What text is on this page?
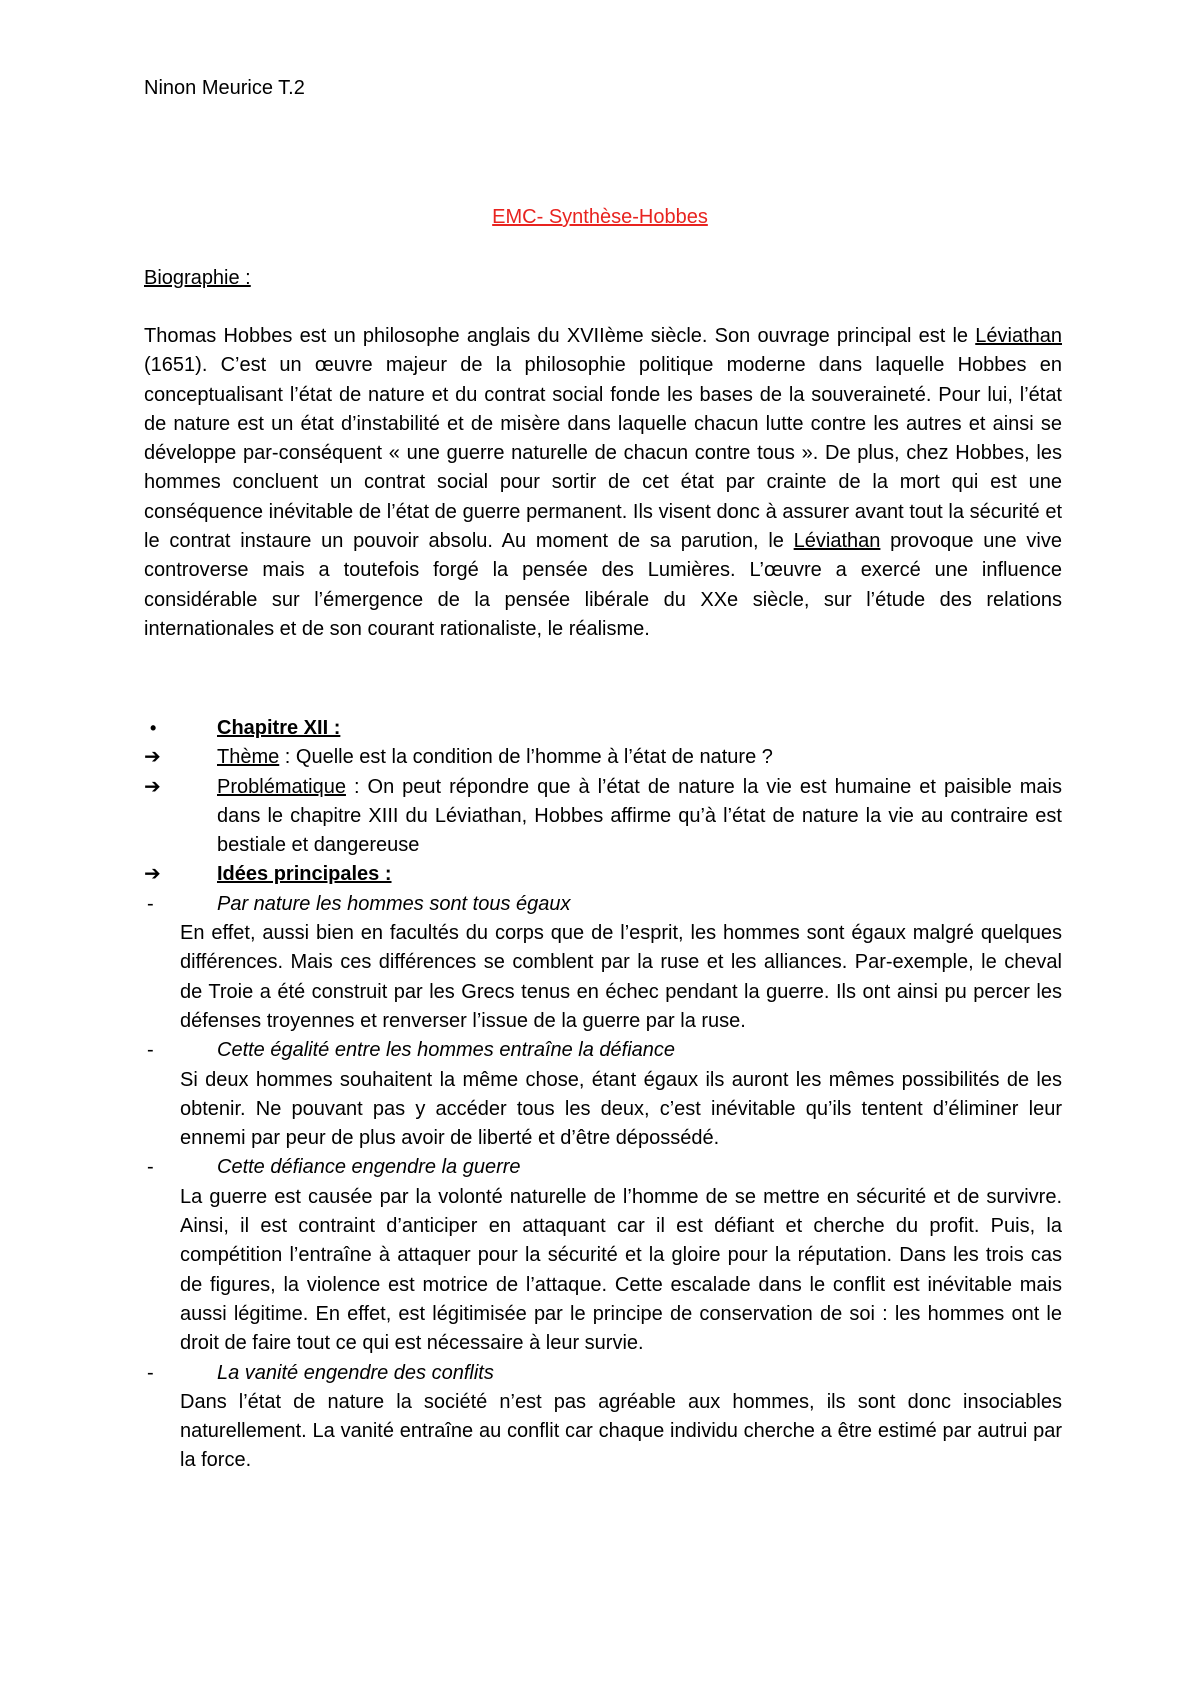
Ninon Meurice T.2
EMC- Synthèse-Hobbes
Biographie :

Thomas Hobbes est un philosophe anglais du XVIIème siècle. Son ouvrage principal est le Léviathan (1651). C’est un œuvre majeur de la philosophie politique moderne dans laquelle Hobbes en conceptualisant l’état de nature et du contrat social fonde les bases de la souveraineté. Pour lui, l’état de nature est un état d’instabilité et de misère dans laquelle chacun lutte contre les autres et ainsi se développe par-conséquent « une guerre naturelle de chacun contre tous ». De plus, chez Hobbes, les hommes concluent un contrat social pour sortir de cet état par crainte de la mort qui est une conséquence inévitable de l’état de guerre permanent. Ils visent donc à assurer avant tout la sécurité et le contrat instaure un pouvoir absolu. Au moment de sa parution, le Léviathan provoque une vive controverse mais a toutefois forgé la pensée des Lumières. L’œuvre a exercé une influence considérable sur l’émergence de la pensée libérale du XXe siècle, sur l’étude des relations internationales et de son courant rationaliste, le réalisme.

•	Chapitre XII :
➔	Thème : Quelle est la condition de l’homme à l’état de nature ?
➔	Problématique : On peut répondre que à l’état de nature la vie est humaine et paisible mais dans le chapitre XIII du Léviathan, Hobbes affirme qu’à l’état de nature la vie au contraire est bestiale et dangereuse
➔	Idées principales :
-	Par nature les hommes sont tous égaux
En effet, aussi bien en facultés du corps que de l’esprit, les hommes sont égaux malgré quelques différences. Mais ces différences se comblent par la ruse et les alliances. Par-exemple, le cheval de Troie a été construit par les Grecs tenus en échec pendant la guerre. Ils ont ainsi pu percer les défenses troyennes et renverser l’issue de la guerre par la ruse.
-	Cette égalité entre les hommes entraîne la défiance
Si deux hommes souhaitent la même chose, étant égaux ils auront les mêmes possibilités de les obtenir. Ne pouvant pas y accéder tous les deux, c’est inévitable qu’ils tentent d’éliminer leur ennemi par peur de plus avoir de liberté et d’être dépossédé.
-	Cette défiance engendre la guerre
La guerre est causée par la volonté naturelle de l’homme de se mettre en sécurité et de survivre. Ainsi, il est contraint d’anticiper en attaquant car il est défiant et cherche du profit. Puis, la compétition l’entraîne à attaquer pour la sécurité et la gloire pour la réputation. Dans les trois cas de figures, la violence est motrice de l’attaque. Cette escalade dans le conflit est inévitable mais aussi légitime. En effet, est légitimisée par le principe de conservation de soi : les hommes ont le droit de faire tout ce qui est nécessaire à leur survie.
-	La vanité engendre des conflits
Dans l’état de nature la société n’est pas agréable aux hommes, ils sont donc insociables naturellement. La vanité entraîne au conflit car chaque individu cherche a être estimé par autrui par la force.
